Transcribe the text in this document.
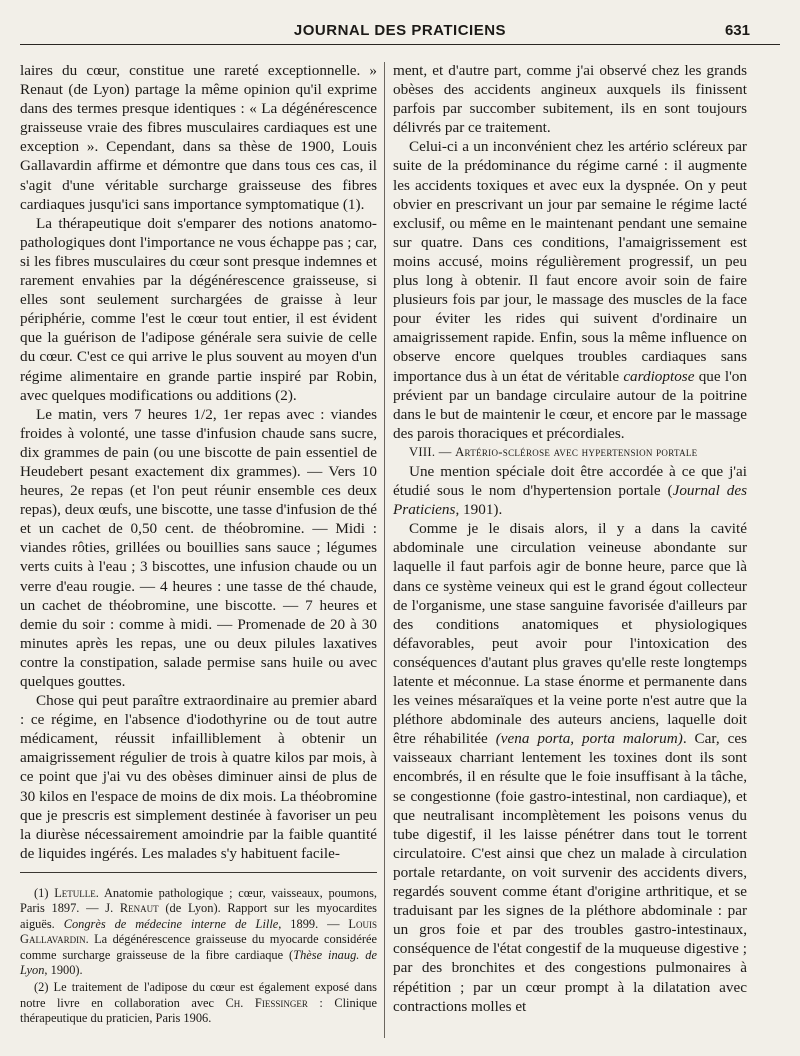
JOURNAL DES PRATICIENS	631

laires du cœur, constitue une rareté exceptionnelle. » Renaut (de Lyon) partage la même opinion qu'il exprime dans des termes presque identiques : « La dégénérescence graisseuse vraie des fibres musculaires cardiaques est une exception ». Cependant, dans sa thèse de 1900, Louis Gallavardin affirme et démontre que dans tous ces cas, il s'agit d'une véritable surcharge graisseuse des fibres cardiaques jusqu'ici sans importance symptomatique (1).

La thérapeutique doit s'emparer des notions anatomo-pathologiques dont l'importance ne vous échappe pas ; car, si les fibres musculaires du cœur sont presque indemnes et rarement envahies par la dégénérescence graisseuse, si elles sont seulement surchargées de graisse à leur périphérie, comme l'est le cœur tout entier, il est évident que la guérison de l'adipose générale sera suivie de celle du cœur. C'est ce qui arrive le plus souvent au moyen d'un régime alimentaire en grande partie inspiré par Robin, avec quelques modifications ou additions (2).

Le matin, vers 7 heures 1/2, 1er repas avec : viandes froides à volonté, une tasse d'infusion chaude sans sucre, dix grammes de pain (ou une biscotte de pain essentiel de Heudebert pesant exactement dix grammes). — Vers 10 heures, 2e repas (et l'on peut réunir ensemble ces deux repas), deux œufs, une biscotte, une tasse d'infusion de thé et un cachet de 0,50 cent. de théobromine. — Midi : viandes rôties, grillées ou bouillies sans sauce ; légumes verts cuits à l'eau ; 3 biscottes, une infusion chaude ou un verre d'eau rougie. — 4 heures : une tasse de thé chaude, un cachet de théobromine, une biscotte. — 7 heures et demie du soir : comme à midi. — Promenade de 20 à 30 minutes après les repas, une ou deux pilules laxatives contre la constipation, salade permise sans huile ou avec quelques gouttes.

Chose qui peut paraître extraordinaire au premier abard : ce régime, en l'absence d'iodothyrine ou de tout autre médicament, réussit infailliblement à obtenir un amaigrissement régulier de trois à quatre kilos par mois, à ce point que j'ai vu des obèses diminuer ainsi de plus de 30 kilos en l'espace de moins de dix mois. La théobromine que je prescris est simplement destinée à favoriser un peu la diurèse nécessairement amoindrie par la faible quantité de liquides ingérés. Les malades s'y habituent facile-

(1) Letulle. Anatomie pathologique ; cœur, vaisseaux, poumons, Paris 1897. — J. Renaut (de Lyon). Rapport sur les myocardites aiguës. Congrès de médecine interne de Lille, 1899. — Louis Gallavardin. La dégénérescence graisseuse du myocarde considérée comme surcharge graisseuse de la fibre cardiaque (Thèse inaug. de Lyon, 1900).

(2) Le traitement de l'adipose du cœur est également exposé dans notre livre en collaboration avec Ch. Fiessinger : Clinique thérapeutique du praticien, Paris 1906.

ment, et d'autre part, comme j'ai observé chez les grands obèses des accidents angineux auxquels ils finissent parfois par succomber subitement, ils en sont toujours délivrés par ce traitement.

Celui-ci a un inconvénient chez les artério scléreux par suite de la prédominance du régime carné : il augmente les accidents toxiques et avec eux la dyspnée. On y peut obvier en prescrivant un jour par semaine le régime lacté exclusif, ou même en le maintenant pendant une semaine sur quatre. Dans ces conditions, l'amaigrissement est moins accusé, moins régulièrement progressif, un peu plus long à obtenir. Il faut encore avoir soin de faire plusieurs fois par jour, le massage des muscles de la face pour éviter les rides qui suivent d'ordinaire un amaigrissement rapide. Enfin, sous la même influence on observe encore quelques troubles cardiaques sans importance dus à un état de véritable cardioptose que l'on prévient par un bandage circulaire autour de la poitrine dans le but de maintenir le cœur, et encore par le massage des parois thoraciques et précordiales.

VIII. — Artério-sclérose avec hypertension portale

Une mention spéciale doit être accordée à ce que j'ai étudié sous le nom d'hypertension portale (Journal des Praticiens, 1901).

Comme je le disais alors, il y a dans la cavité abdominale une circulation veineuse abondante sur laquelle il faut parfois agir de bonne heure, parce que là dans ce système veineux qui est le grand égout collecteur de l'organisme, une stase sanguine favorisée d'ailleurs par des conditions anatomiques et physiologiques défavorables, peut avoir pour l'intoxication des conséquences d'autant plus graves qu'elle reste longtemps latente et méconnue. La stase énorme et permanente dans les veines mésaraïques et la veine porte n'est autre que la pléthore abdominale des auteurs anciens, laquelle doit être réhabilitée (vena porta, porta malorum). Car, ces vaisseaux charriant lentement les toxines dont ils sont encombrés, il en résulte que le foie insuffisant à la tâche, se congestionne (foie gastro-intestinal, non cardiaque), et que neutralisant incomplètement les poisons venus du tube digestif, il les laisse pénétrer dans tout le torrent circulatoire. C'est ainsi que chez un malade à circulation portale retardante, on voit survenir des accidents divers, regardés souvent comme étant d'origine arthritique, et se traduisant par les signes de la pléthore abdominale : par un gros foie et par des troubles gastro-intestinaux, conséquence de l'état congestif de la muqueuse digestive ; par des bronchites et des congestions pulmonaires à répétition ; par un cœur prompt à la dilatation avec contractions molles et
